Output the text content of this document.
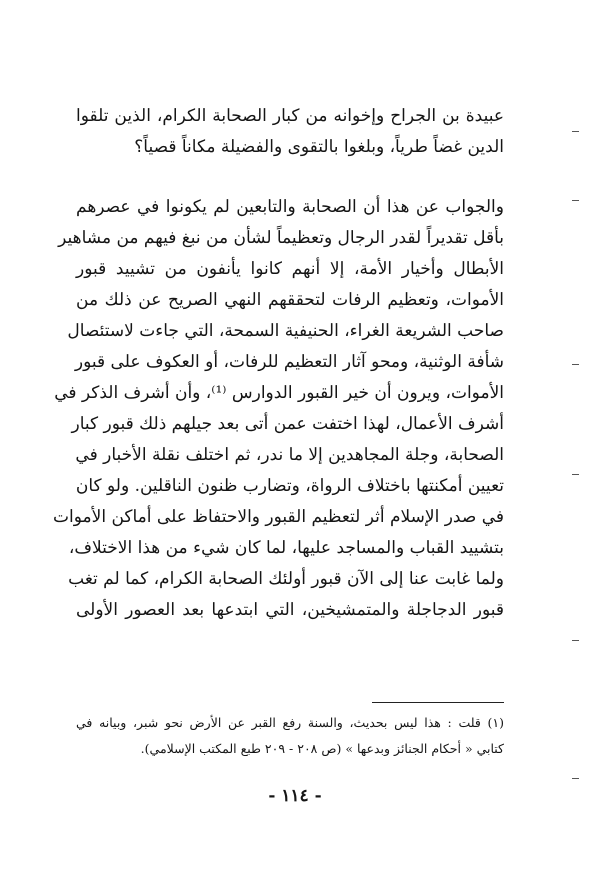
عبيدة بن الجراح وإخوانه من كبار الصحابة الكرام، الذين تلقوا
الدين غضاً طرياً، وبلغوا بالتقوى والفضيلة مكاناً قصياً؟
والجواب عن هذا أن الصحابة والتابعين لم يكونوا في عصرهم
بأقل تقديراً لقدر الرجال وتعظيماً لشأن من نبغ فيهم من مشاهير
الأبطال وأخيار الأمة، إلا أنهم كانوا يأنفون من تشييد قبور
الأموات، وتعظيم الرفات لتحققهم النهي الصريح عن ذلك من
صاحب الشريعة الغراء، الحنيفية السمحة، التي جاءت لاستئصال
شأفة الوثنية، ومحو آثار التعظيم للرفات، أو العكوف على قبور
الأموات، ويرون أن خير القبور الدوارس ⁽¹⁾، وأن أشرف الذكر في
أشرف الأعمال، لهذا اختفت عمن أتى بعد جيلهم ذلك قبور كبار
الصحابة، وجلة المجاهدين إلا ما ندر، ثم اختلف نقلة الأخبار في
تعيين أمكنتها باختلاف الرواة، وتضارب ظنون الناقلين. ولو كان
في صدر الإسلام أثر لتعظيم القبور والاحتفاظ على أماكن الأموات
بتشييد القباب والمساجد عليها، لما كان شيء من هذا الاختلاف،
ولما غابت عنا إلى الآن قبور أولئك الصحابة الكرام، كما لم تغب
قبور الدجاجلة والمتمشيخين، التي ابتدعها بعد العصور الأولى
(١) قلت : هذا ليس بحديث، والسنة رفع القبر عن الأرض نحو شبر، وبيانه في
كتابي « أحكام الجنائز وبدعها » (ص ٢٠٨ - ٢٠٩ طبع المكتب الإسلامي).
- ١١٤ -
